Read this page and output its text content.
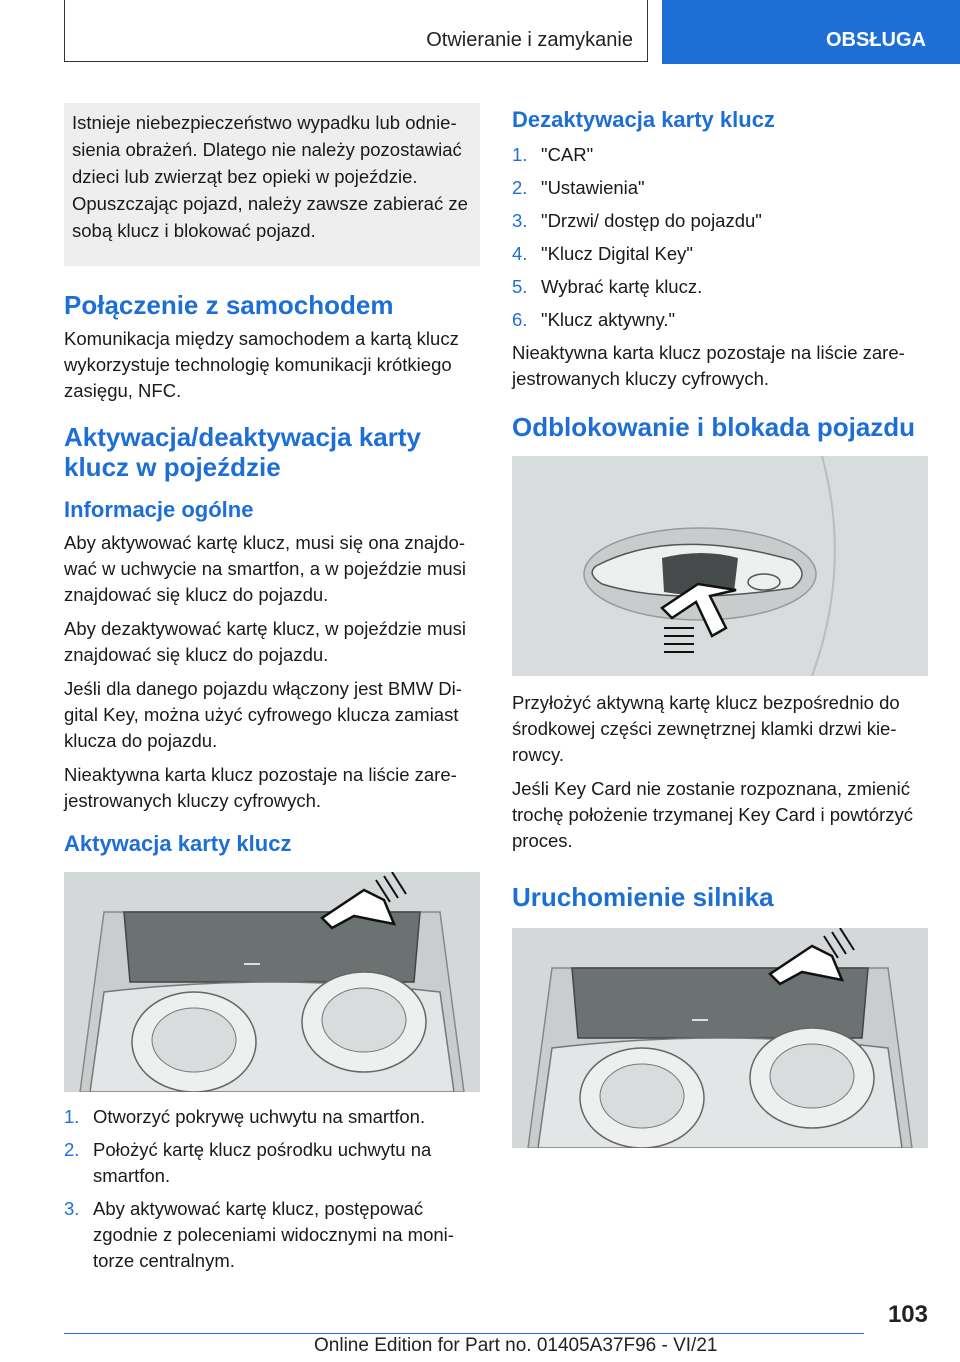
Otwieranie i zamykanie	OBSŁUGA
Istnieje niebezpieczeństwo wypadku lub odnie-sienia obrażeń. Dlatego nie należy pozostawiać dzieci lub zwierząt bez opieki w pojeździe. Opuszczając pojazd, należy zawsze zabierać ze sobą klucz i blokować pojazd.
Połączenie z samochodem

Komunikacja między samochodem a kartą klucz wykorzystuje technologię komunikacji krótkiego zasięgu, NFC.

Aktywacja/deaktywacja karty klucz w pojeździe
Informacje ogólne

Aby aktywować kartę klucz, musi się ona znajdo-wać w uchwycie na smartfon, a w pojeździe musi znajdować się klucz do pojazdu.

Aby dezaktywować kartę klucz, w pojeździe musi znajdować się klucz do pojazdu.

Jeśli dla danego pojazdu włączony jest BMW Di-gital Key, można użyć cyfrowego klucza zamiast klucza do pojazdu.

Nieaktywna karta klucz pozostaje na liście zare-jestrowanych kluczy cyfrowych.

Aktywacja karty klucz
1. Otworzyć pokrywę uchwytu na smartfon.
2. Położyć kartę klucz pośrodku uchwytu na smartfon.
3. Aby aktywować kartę klucz, postępować zgodnie z poleceniami widocznymi na moni-torze centralnym.
Dezaktywacja karty klucz
1. "CAR"
2. "Ustawienia"
3. "Drzwi/ dostęp do pojazdu"
4. "Klucz Digital Key"
5. Wybrać kartę klucz.
6. "Klucz aktywny."

Nieaktywna karta klucz pozostaje na liście zare-jestrowanych kluczy cyfrowych.

Odblokowanie i blokada pojazdu

Przyłożyć aktywną kartę klucz bezpośrednio do środkowej części zewnętrznej klamki drzwi kie-rowcy.

Jeśli Key Card nie zostanie rozpoznana, zmienić trochę położenie trzymanej Key Card i powtórzyć proces.

Uruchomienie silnika
103
Online Edition for Part no. 01405A37F96 - VI/21
